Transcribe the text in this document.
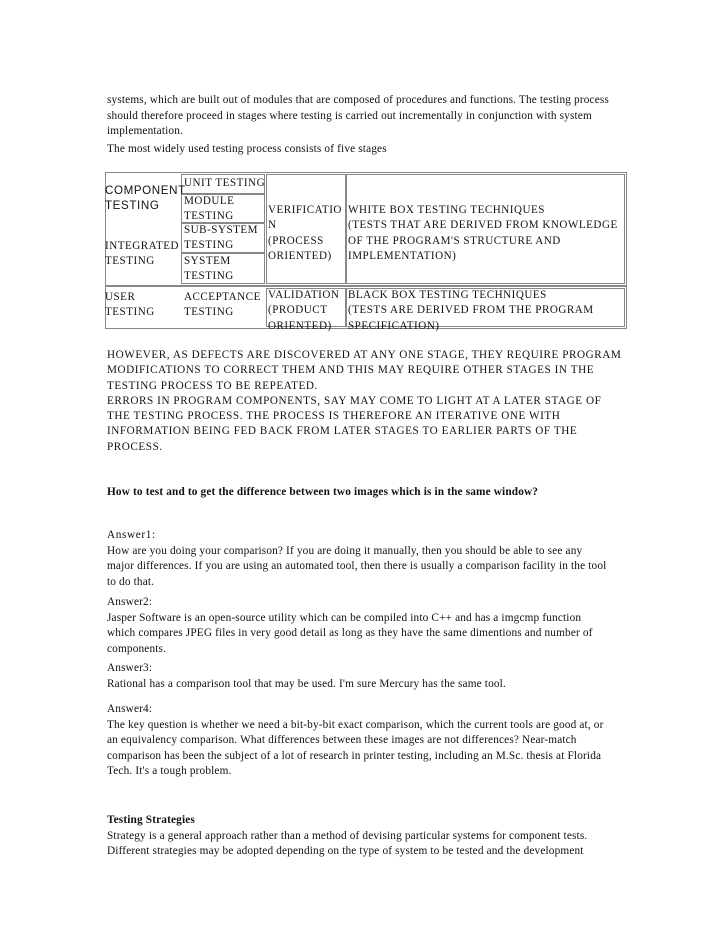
systems, which are built out of modules that are composed of procedures and functions. The testing process
should therefore proceed in stages where testing is carried out incrementally in conjunction with system
implementation.
The most widely used testing process consists of five stages
COMPONENT
TESTING
INTEGRATED
TESTING
USER
TESTING
UNIT TESTING
MODULE
TESTING
SUB-SYSTEM
TESTING
SYSTEM
TESTING
ACCEPTANCE
TESTING
VERIFICATIO
N
(PROCESS
ORIENTED)
VALIDATION
(PRODUCT
ORIENTED)
WHITE BOX TESTING TECHNIQUES
(TESTS THAT ARE DERIVED FROM KNOWLEDGE
OF THE PROGRAM'S STRUCTURE AND
IMPLEMENTATION)
BLACK BOX TESTING TECHNIQUES
(TESTS ARE DERIVED FROM THE PROGRAM
SPECIFICATION)
HOWEVER, AS DEFECTS ARE DISCOVERED AT ANY ONE STAGE, THEY REQUIRE PROGRAM
MODIFICATIONS TO CORRECT THEM AND THIS MAY REQUIRE OTHER STAGES IN THE
TESTING PROCESS TO BE REPEATED.
ERRORS IN PROGRAM COMPONENTS, SAY MAY COME TO LIGHT AT A LATER STAGE OF
THE TESTING PROCESS. THE PROCESS IS THEREFORE AN ITERATIVE ONE WITH
INFORMATION BEING FED BACK FROM LATER STAGES TO EARLIER PARTS OF THE
PROCESS.
How to test and to get the difference between two images which is in the same window?
Answer1:
How are you doing your comparison? If you are doing it manually, then you should be able to see any
major differences. If you are using an automated tool, then there is usually a comparison facility in the tool
to do that.
Answer2:
Jasper Software is an open-source utility which can be compiled into C++ and has a imgcmp function
which compares JPEG files in very good detail as long as they have the same dimentions and number of
components.
Answer3:
Rational has a comparison tool that may be used. I'm sure Mercury has the same tool.
Answer4:
The key question is whether we need a bit-by-bit exact comparison, which the current tools are good at, or
an equivalency comparison. What differences between these images are not differences? Near-match
comparison has been the subject of a lot of research in printer testing, including an M.Sc. thesis at Florida
Tech. It's a tough problem.
Testing Strategies
Strategy is a general approach rather than a method of devising particular systems for component tests.
Different strategies may be adopted depending on the type of system to be tested and the development
